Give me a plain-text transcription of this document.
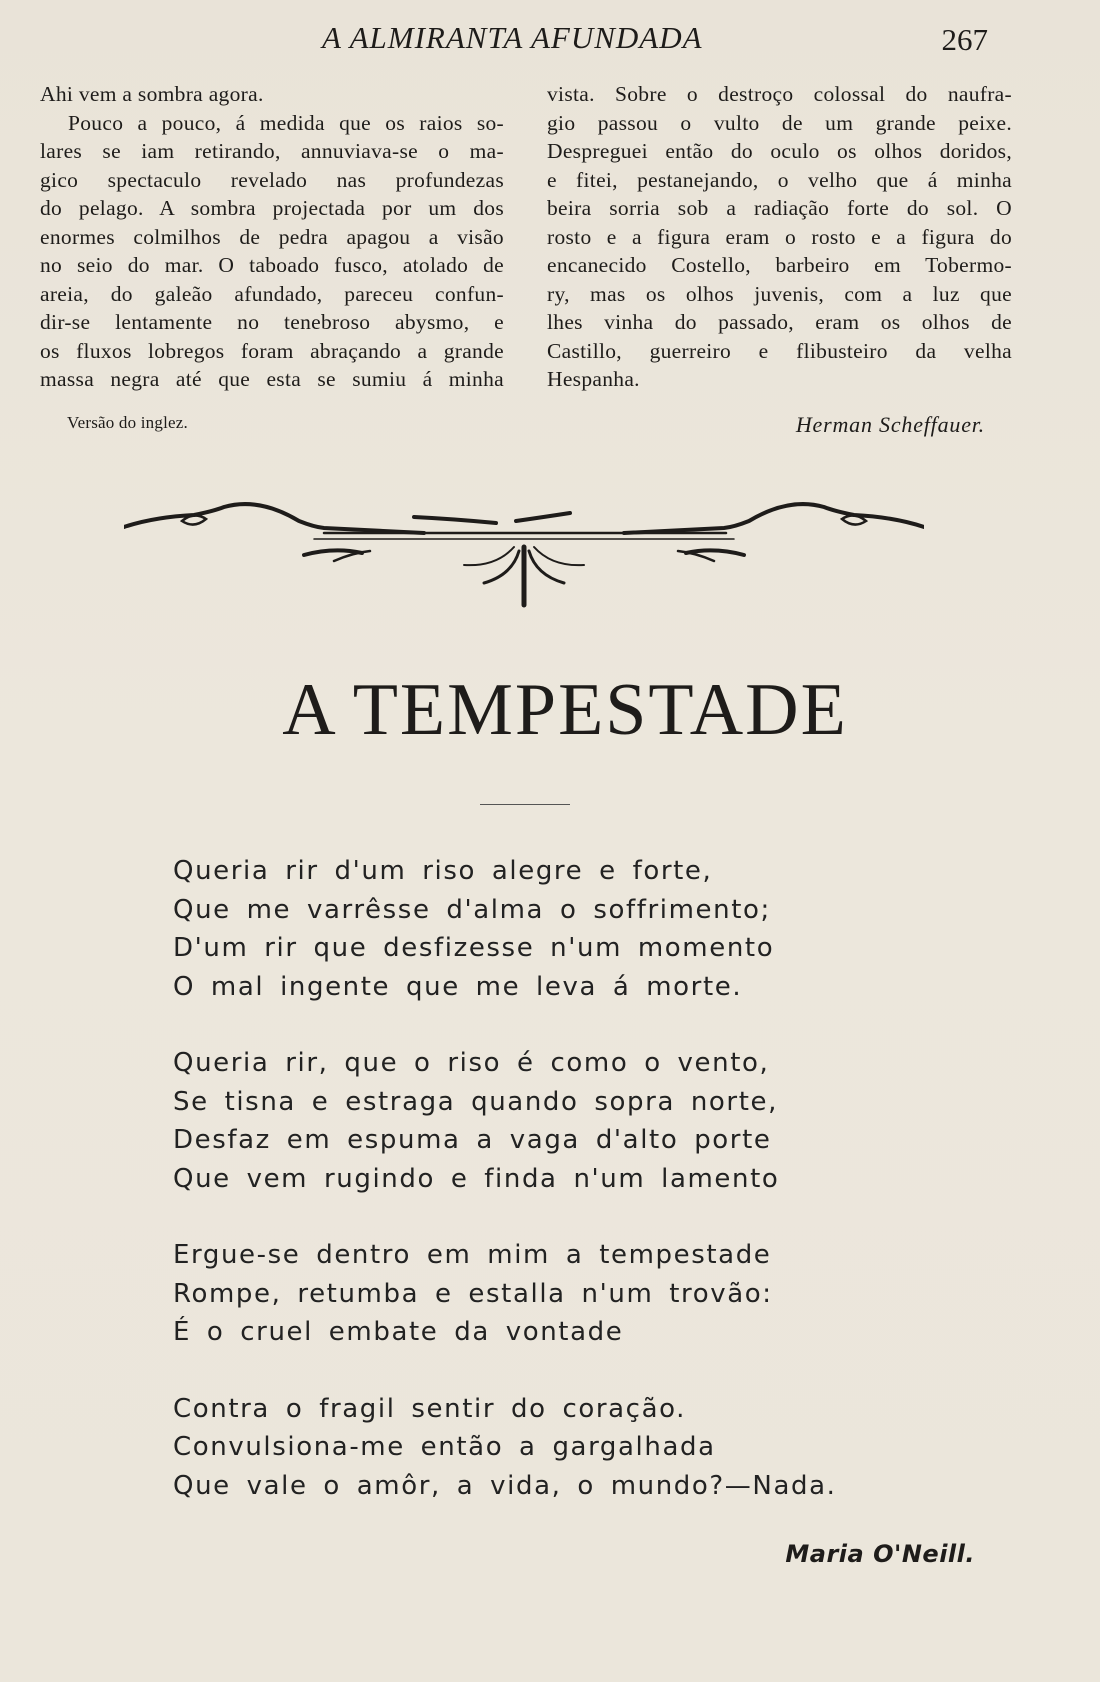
A ALMIRANTA AFUNDADA	267
Ahi vem a sombra agora.
Pouco a pouco, á medida que os raios so-
lares se iam retirando, annuviava-se o ma-
gico spectaculo revelado nas profundezas
do pelago. A sombra projectada por um dos
enormes colmilhos de pedra apagou a visão
no seio do mar. O taboado fusco, atolado de
areia, do galeão afundado, pareceu confun-
dir-se lentamente no tenebroso abysmo, e
os fluxos lobregos foram abraçando a grande
massa negra até que esta se sumiu á minha
vista. Sobre o destroço colossal do naufra-
gio passou o vulto de um grande peixe.
Despreguei então do oculo os olhos doridos,
e fitei, pestanejando, o velho que á minha
beira sorria sob a radiação forte do sol. O
rosto e a figura eram o rosto e a figura do
encanecido Costello, barbeiro em Tobermo-
ry, mas os olhos juvenis, com a luz que
lhes vinha do passado, eram os olhos de
Castillo, guerreiro e flibusteiro da velha
Hespanha.
Versão do inglez.	Herman Scheffauer.
A TEMPESTADE
Queria rir d'um riso alegre e forte,
Que me varrêsse d'alma o soffrimento;
D'um rir que desfizesse n'um momento
O mal ingente que me leva á morte.
Queria rir, que o riso é como o vento,
Se tisna e estraga quando sopra norte,
Desfaz em espuma a vaga d'alto porte
Que vem rugindo e finda n'um lamento
Ergue-se dentro em mim a tempestade
Rompe, retumba e estalla n'um trovão:
É o cruel embate da vontade
Contra o fragil sentir do coração.
Convulsiona-me então a gargalhada
Que vale o amôr, a vida, o mundo?—Nada.
Maria O'Neill.
